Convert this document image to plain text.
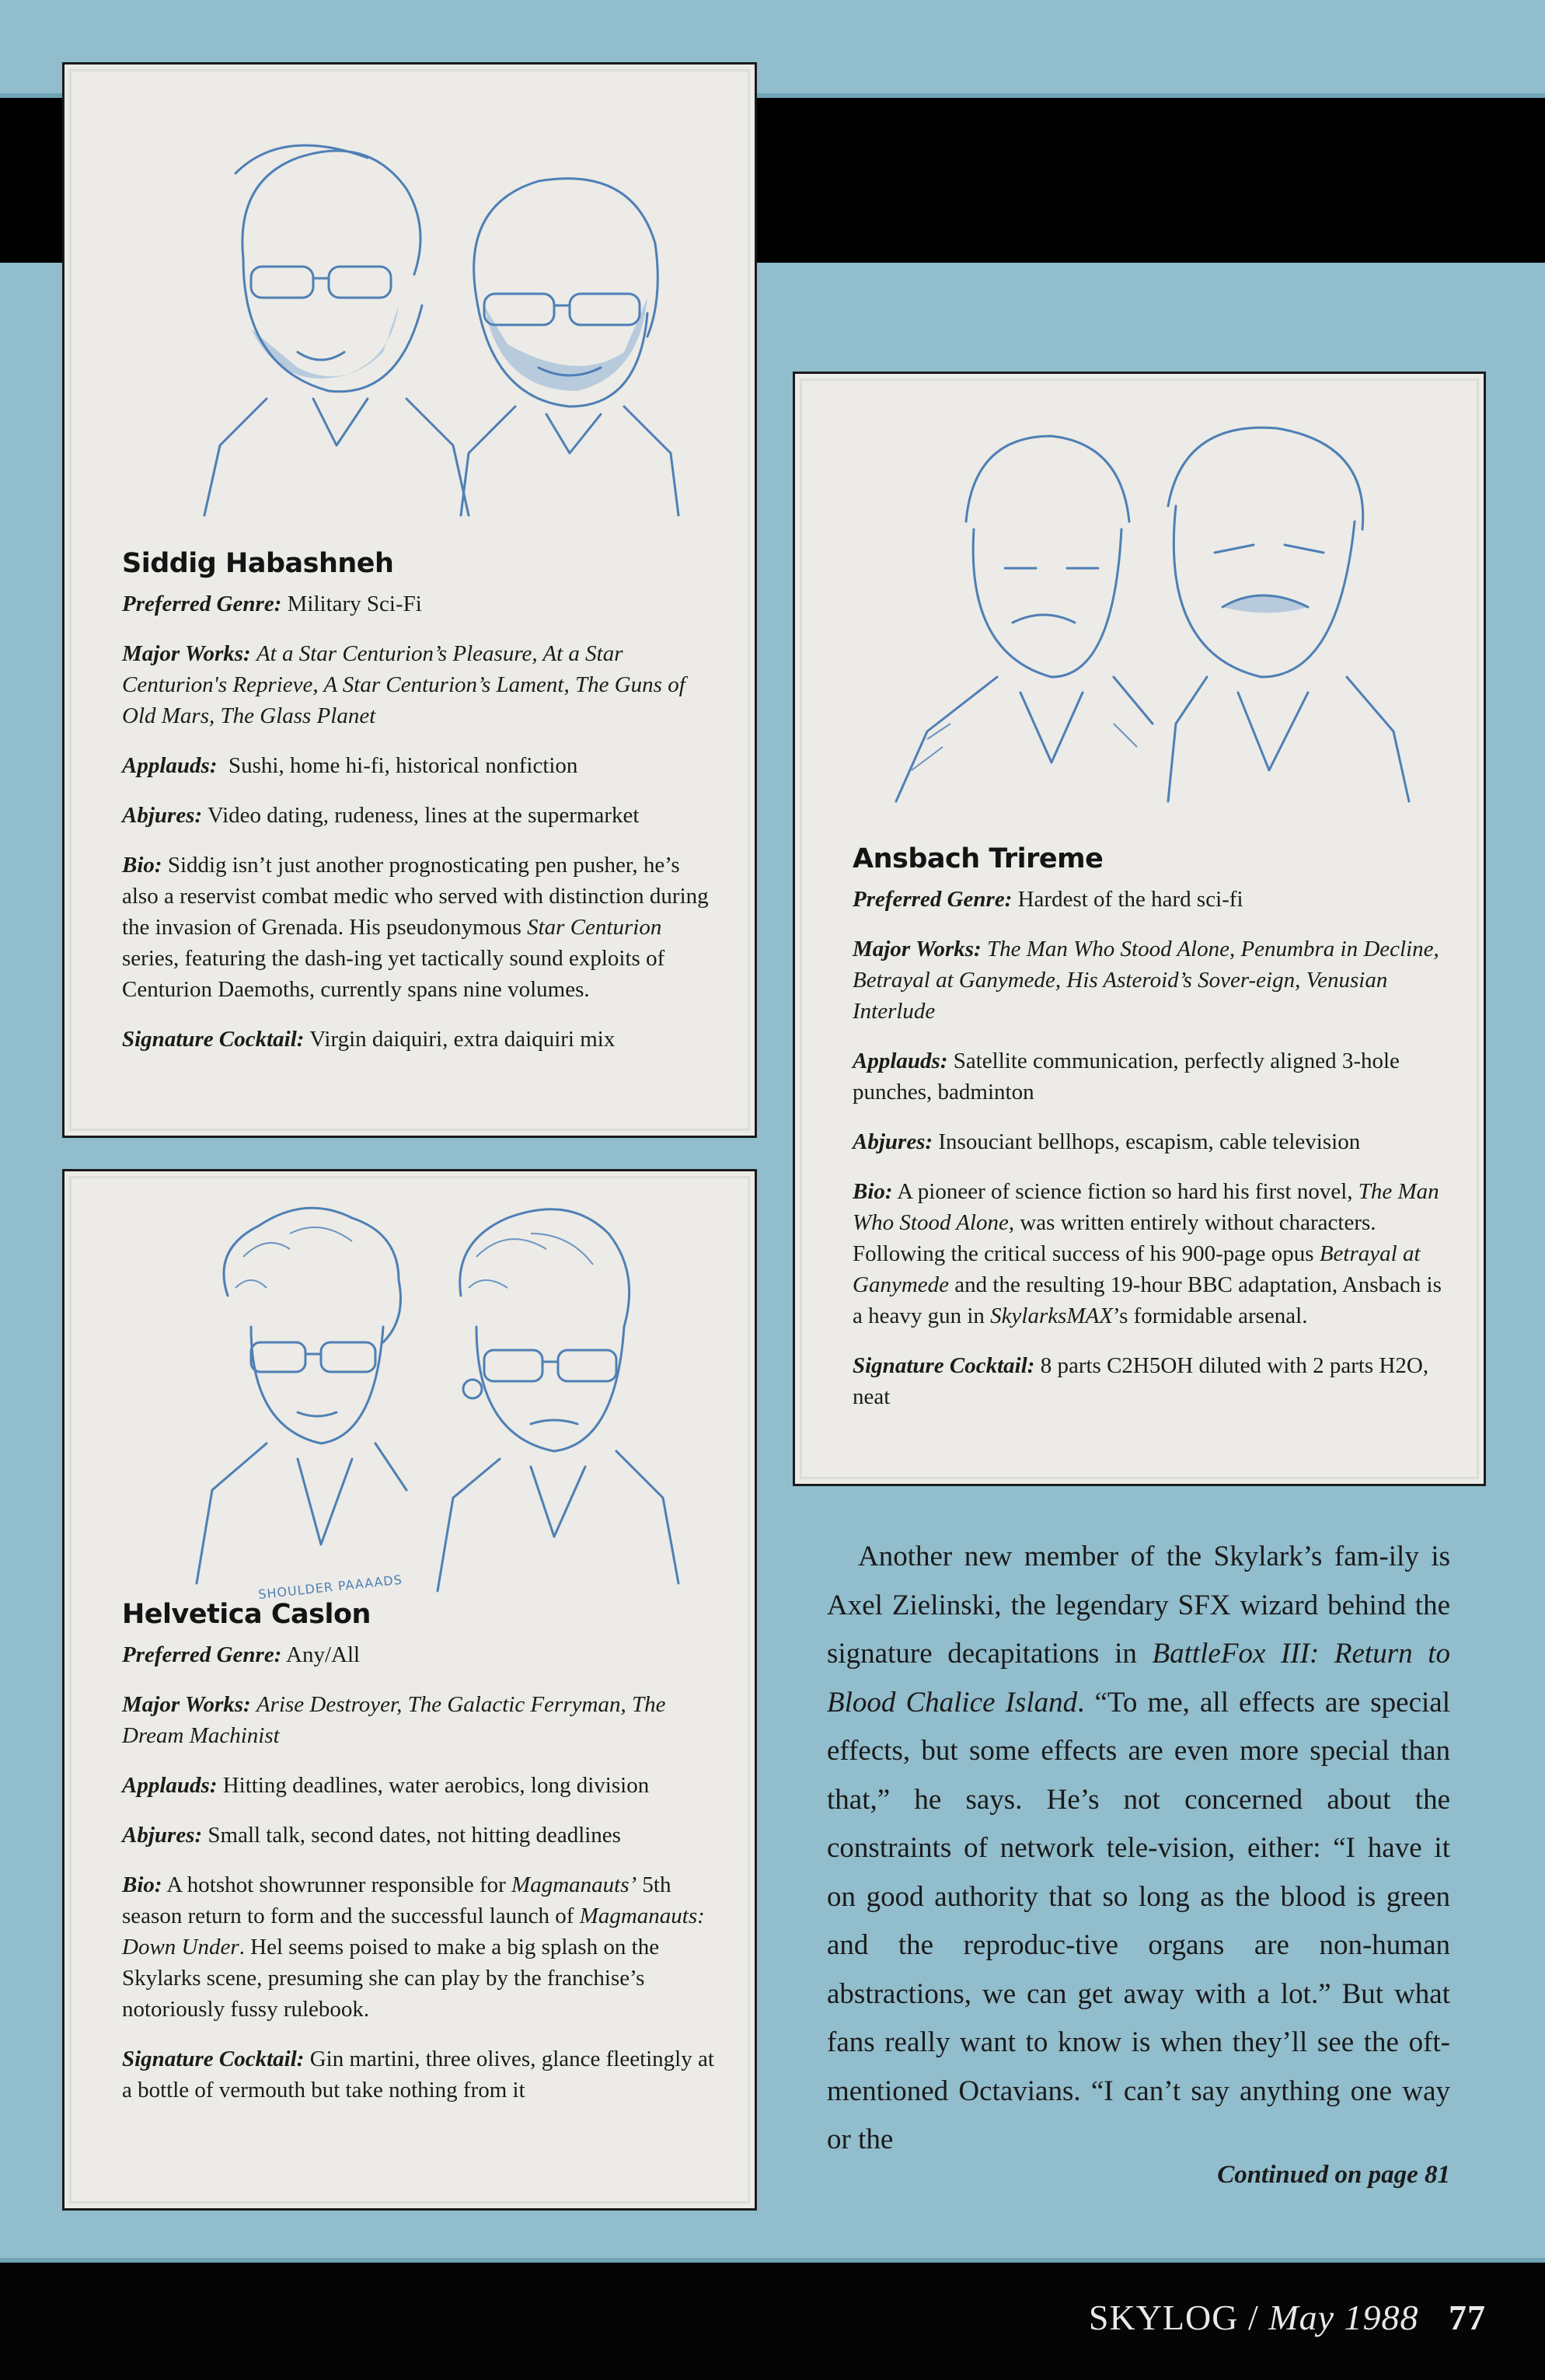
Siddig Habashneh

Preferred Genre: Military Sci-Fi

Major Works: At a Star Centurion’s Pleasure, At a Star Centurion's Reprieve, A Star Centurion’s Lament, The Guns of Old Mars, The Glass Planet

Applauds: Sushi, home hi-fi, historical nonfiction

Abjures: Video dating, rudeness, lines at the supermarket

Bio: Siddig isn’t just another prognosticating pen pusher, he’s also a reservist combat medic who served with distinction during the invasion of Grenada. His pseudonymous Star Centurion series, featuring the dash-ing yet tactically sound exploits of Centurion Daemoths, currently spans nine volumes.

Signature Cocktail: Virgin daiquiri, extra daiquiri mix

Ansbach Trireme

Preferred Genre: Hardest of the hard sci-fi

Major Works: The Man Who Stood Alone, Penumbra in Decline, Betrayal at Ganymede, His Asteroid’s Sover-eign, Venusian Interlude

Applauds: Satellite communication, perfectly aligned 3-hole punches, badminton

Abjures: Insouciant bellhops, escapism, cable television

Bio: A pioneer of science fiction so hard his first novel, The Man Who Stood Alone, was written entirely without characters. Following the critical success of his 900-page opus Betrayal at Ganymede and the resulting 19-hour BBC adaptation, Ansbach is a heavy gun in SkylarksMAX’s formidable arsenal.

Signature Cocktail: 8 parts C2H5OH diluted with 2 parts H2O, neat

SHOULDER PAAAADS
Helvetica Caslon

Preferred Genre: Any/All

Major Works: Arise Destroyer, The Galactic Ferryman, The Dream Machinist

Applauds: Hitting deadlines, water aerobics, long division

Abjures: Small talk, second dates, not hitting deadlines

Bio: A hotshot showrunner responsible for Magmanauts’ 5th season return to form and the successful launch of Magmanauts: Down Under. Hel seems poised to make a big splash on the Skylarks scene, presuming she can play by the franchise’s notoriously fussy rulebook.

Signature Cocktail: Gin martini, three olives, glance fleetingly at a bottle of vermouth but take nothing from it

Another new member of the Skylark’s fam-ily is Axel Zielinski, the legendary SFX wizard behind the signature decapitations in BattleFox III: Return to Blood Chalice Island. “To me, all effects are special effects, but some effects are even more special than that,” he says. He’s not concerned about the constraints of network tele-vision, either: “I have it on good authority that so long as the blood is green and the reproduc-tive organs are non-human abstractions, we can get away with a lot.” But what fans really want to know is when they’ll see the oft-mentioned Octavians. “I can’t say anything one way or the

Continued on page 81
SKYLOG / May 1988 77
